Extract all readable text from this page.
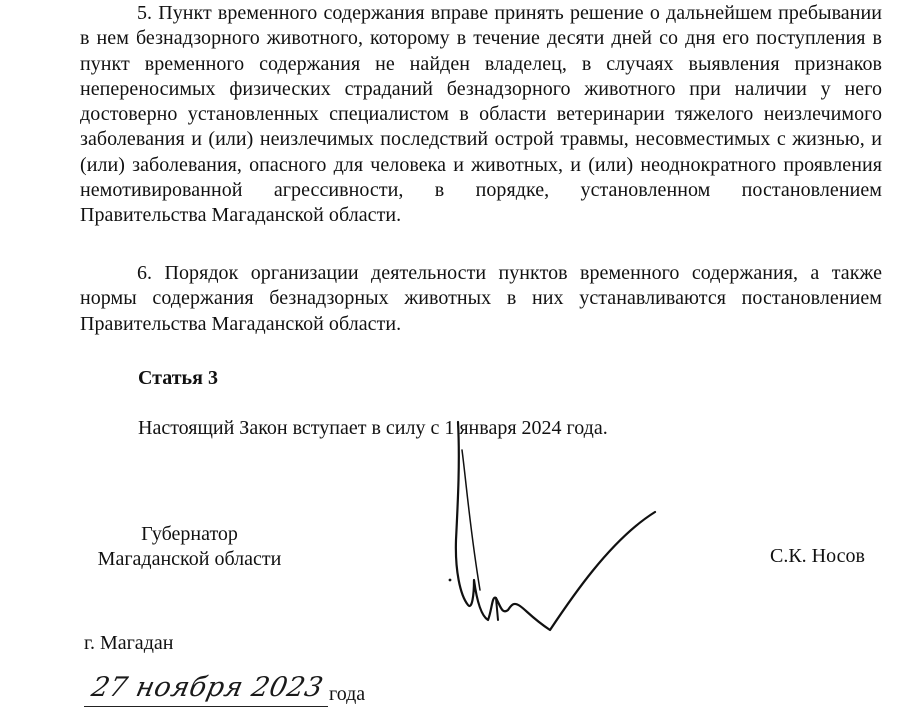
5. Пункт временного содержания вправе принять решение о дальнейшем пребывании в нем безнадзорного животного, которому в течение десяти дней со дня его поступления в пункт временного содержания не найден владелец, в случаях выявления признаков непереносимых физических страданий безнадзорного животного при наличии у него достоверно установленных специалистом в области ветеринарии тяжелого неизлечимого заболевания и (или) неизлечимых последствий острой травмы, несовместимых с жизнью, и (или) заболевания, опасного для человека и животных, и (или) неоднократного проявления немотивированной агрессивности, в порядке, установленном постановлением Правительства Магаданской области.

6. Порядок организации деятельности пунктов временного содержания, а также нормы содержания безнадзорных животных в них устанавливаются постановлением Правительства Магаданской области.

Статья 3

Настоящий Закон вступает в силу с 1 января 2024 года.

Губернатор
Магаданской области	С.К. Носов

г. Магадан

27 ноября 2023 года
